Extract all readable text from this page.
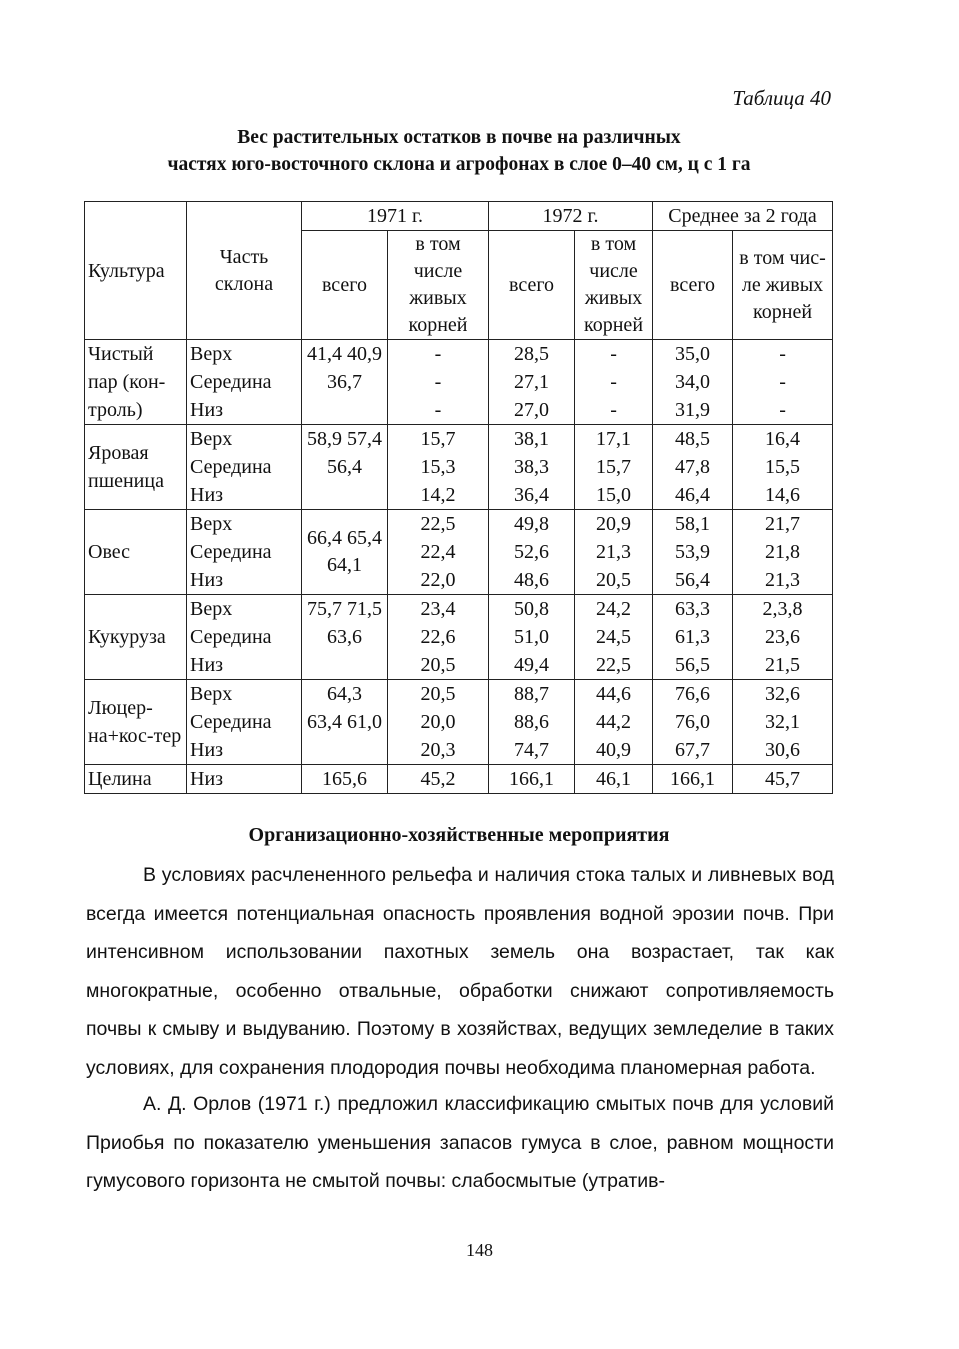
Таблица 40
Вес растительных остатков в почве на различных
частях юго-восточного склона и агрофонах в слое 0–40 см, ц с 1 га
Культура	Часть склона	1971 г.		1972 г.		Среднее за 2 года	
		всего	в том числе живых корней	всего	в том числе живых корней	всего	в том чис-ле живых корней
Чистый пар (кон-троль)	Верх	41,4 40,9	-	28,5	-	35,0	-
	Середина	36,7	-	27,1	-	34,0	-
	Низ		-	27,0	-	31,9	-
Яровая пшеница	Верх	58,9 57,4	15,7	38,1	17,1	48,5	16,4
	Середина	56,4	15,3	38,3	15,7	47,8	15,5
	Низ		14,2	36,4	15,0	46,4	14,6
Овес	Верх	66,4 65,4 64,1	22,5	49,8	20,9	58,1	21,7
	Середина		22,4	52,6	21,3	53,9	21,8
	Низ		22,0	48,6	20,5	56,4	21,3
Кукуруза	Верх	75,7 71,5	23,4	50,8	24,2	63,3	2,3,8
	Середина	63,6	22,6	51,0	24,5	61,3	23,6
	Низ		20,5	49,4	22,5	56,5	21,5
Люцер-на+кос-тер	Верх	64,3	20,5	88,7	44,6	76,6	32,6
	Середина	63,4 61,0	20,0	88,6	44,2	76,0	32,1
	Низ		20,3	74,7	40,9	67,7	30,6
Целина	Низ	165,6	45,2	166,1	46,1	166,1	45,7
Организационно-хозяйственные мероприятия

В условиях расчлененного рельефа и наличия стока талых и ливневых вод всегда имеется потенциальная опасность проявления водной эрозии почв. При интенсивном использовании пахотных земель она возрастает, так как многократные, особенно отвальные, обработки снижают сопротивляемость почвы к смыву и выдуванию. Поэтому в хозяйствах, ведущих земледелие в таких условиях, для сохранения плодородия почвы необходима планомерная работа.

А. Д. Орлов (1971 г.) предложил классификацию смытых почв для условий Приобья по показателю уменьшения запасов гумуса в слое, равном мощности гумусового горизонта не смытой почвы: слабосмытые (утратив-

148
